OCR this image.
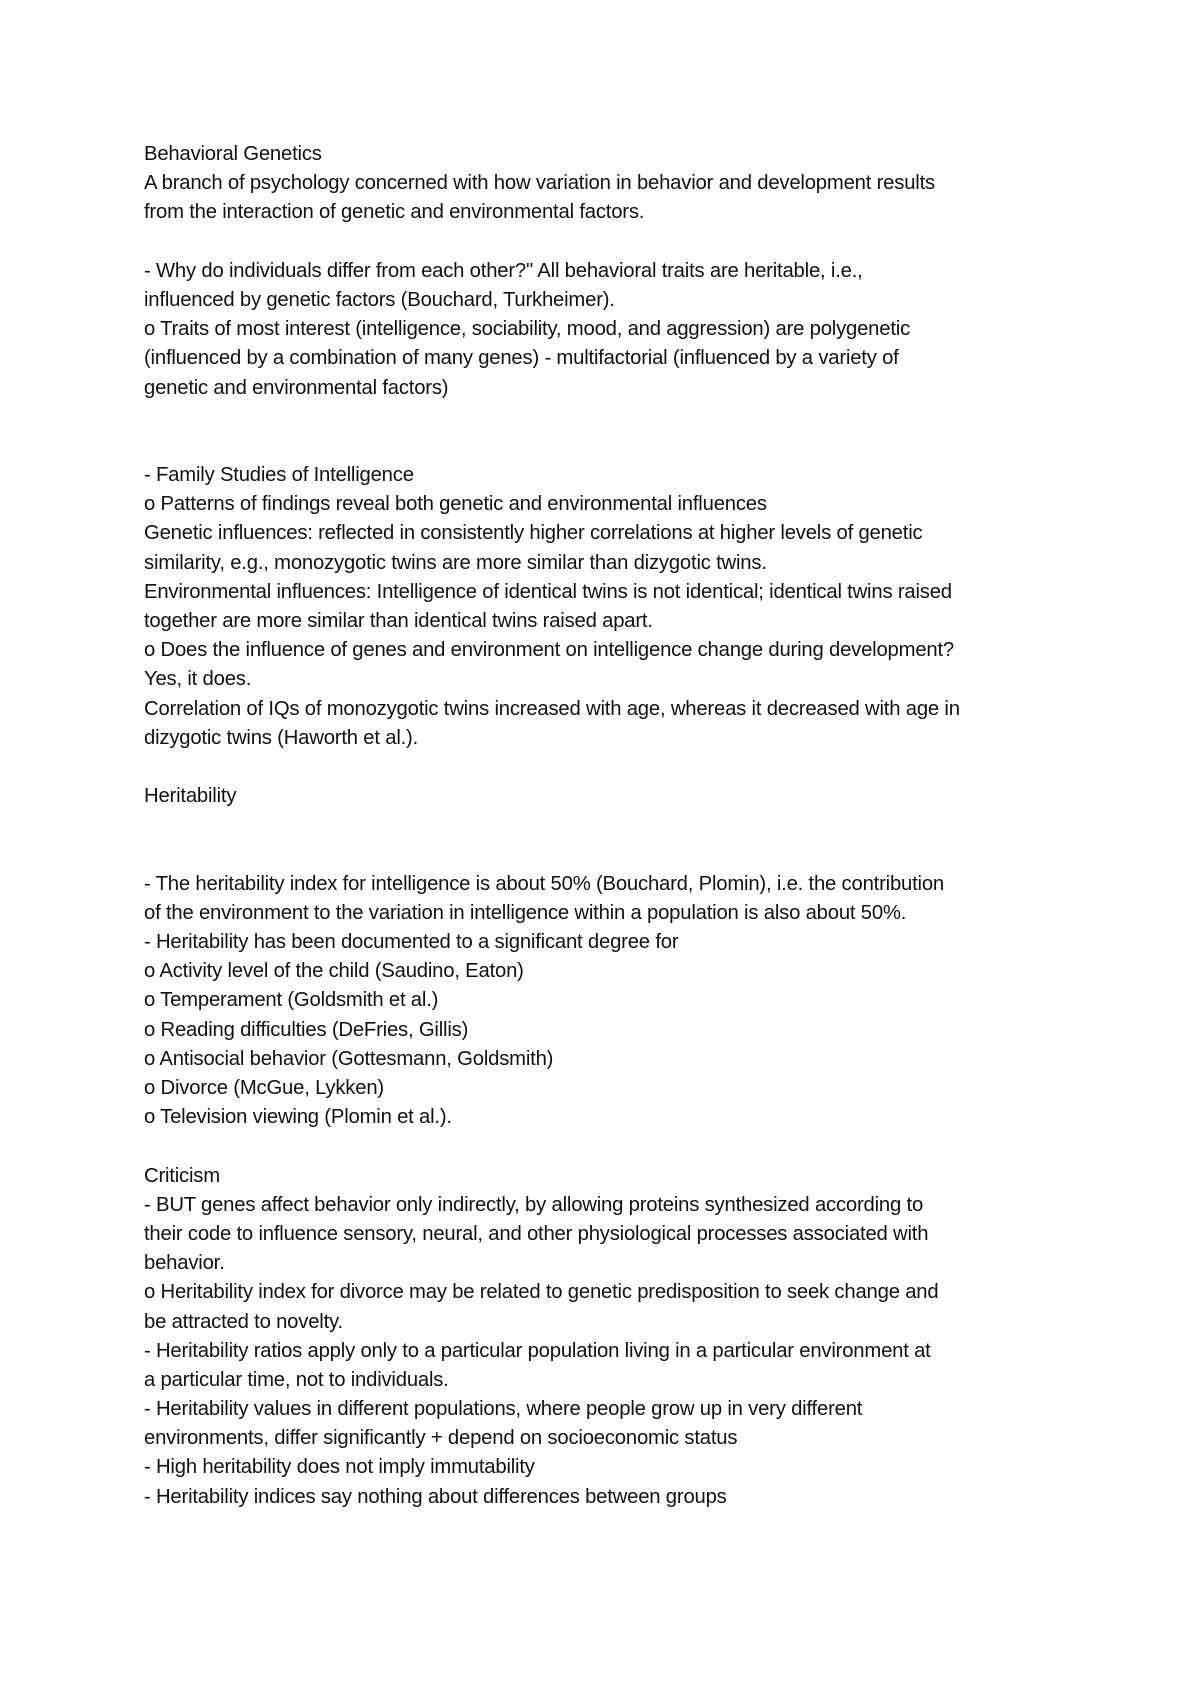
Behavioral Genetics
A branch of psychology concerned with how variation in behavior and development results
from the interaction of genetic and environmental factors.
- Why do individuals differ from each other?" All behavioral traits are heritable, i.e.,
influenced by genetic factors (Bouchard, Turkheimer).
o Traits of most interest (intelligence, sociability, mood, and aggression) are polygenetic
(influenced by a combination of many genes) - multifactorial (influenced by a variety of
genetic and environmental factors)
- Family Studies of Intelligence
o Patterns of findings reveal both genetic and environmental influences
Genetic influences: reflected in consistently higher correlations at higher levels of genetic
similarity, e.g., monozygotic twins are more similar than dizygotic twins.
Environmental influences: Intelligence of identical twins is not identical; identical twins raised
together are more similar than identical twins raised apart.
o Does the influence of genes and environment on intelligence change during development?
Yes, it does.
Correlation of IQs of monozygotic twins increased with age, whereas it decreased with age in
dizygotic twins (Haworth et al.).
Heritability
- The heritability index for intelligence is about 50% (Bouchard, Plomin), i.e. the contribution
of the environment to the variation in intelligence within a population is also about 50%.
- Heritability has been documented to a significant degree for
o Activity level of the child (Saudino, Eaton)
o Temperament (Goldsmith et al.)
o Reading difficulties (DeFries, Gillis)
o Antisocial behavior (Gottesmann, Goldsmith)
o Divorce (McGue, Lykken)
o Television viewing (Plomin et al.).
Criticism
- BUT genes affect behavior only indirectly, by allowing proteins synthesized according to
their code to influence sensory, neural, and other physiological processes associated with
behavior.
o Heritability index for divorce may be related to genetic predisposition to seek change and
be attracted to novelty.
- Heritability ratios apply only to a particular population living in a particular environment at
a particular time, not to individuals.
- Heritability values in different populations, where people grow up in very different
environments, differ significantly + depend on socioeconomic status
- High heritability does not imply immutability
- Heritability indices say nothing about differences between groups
